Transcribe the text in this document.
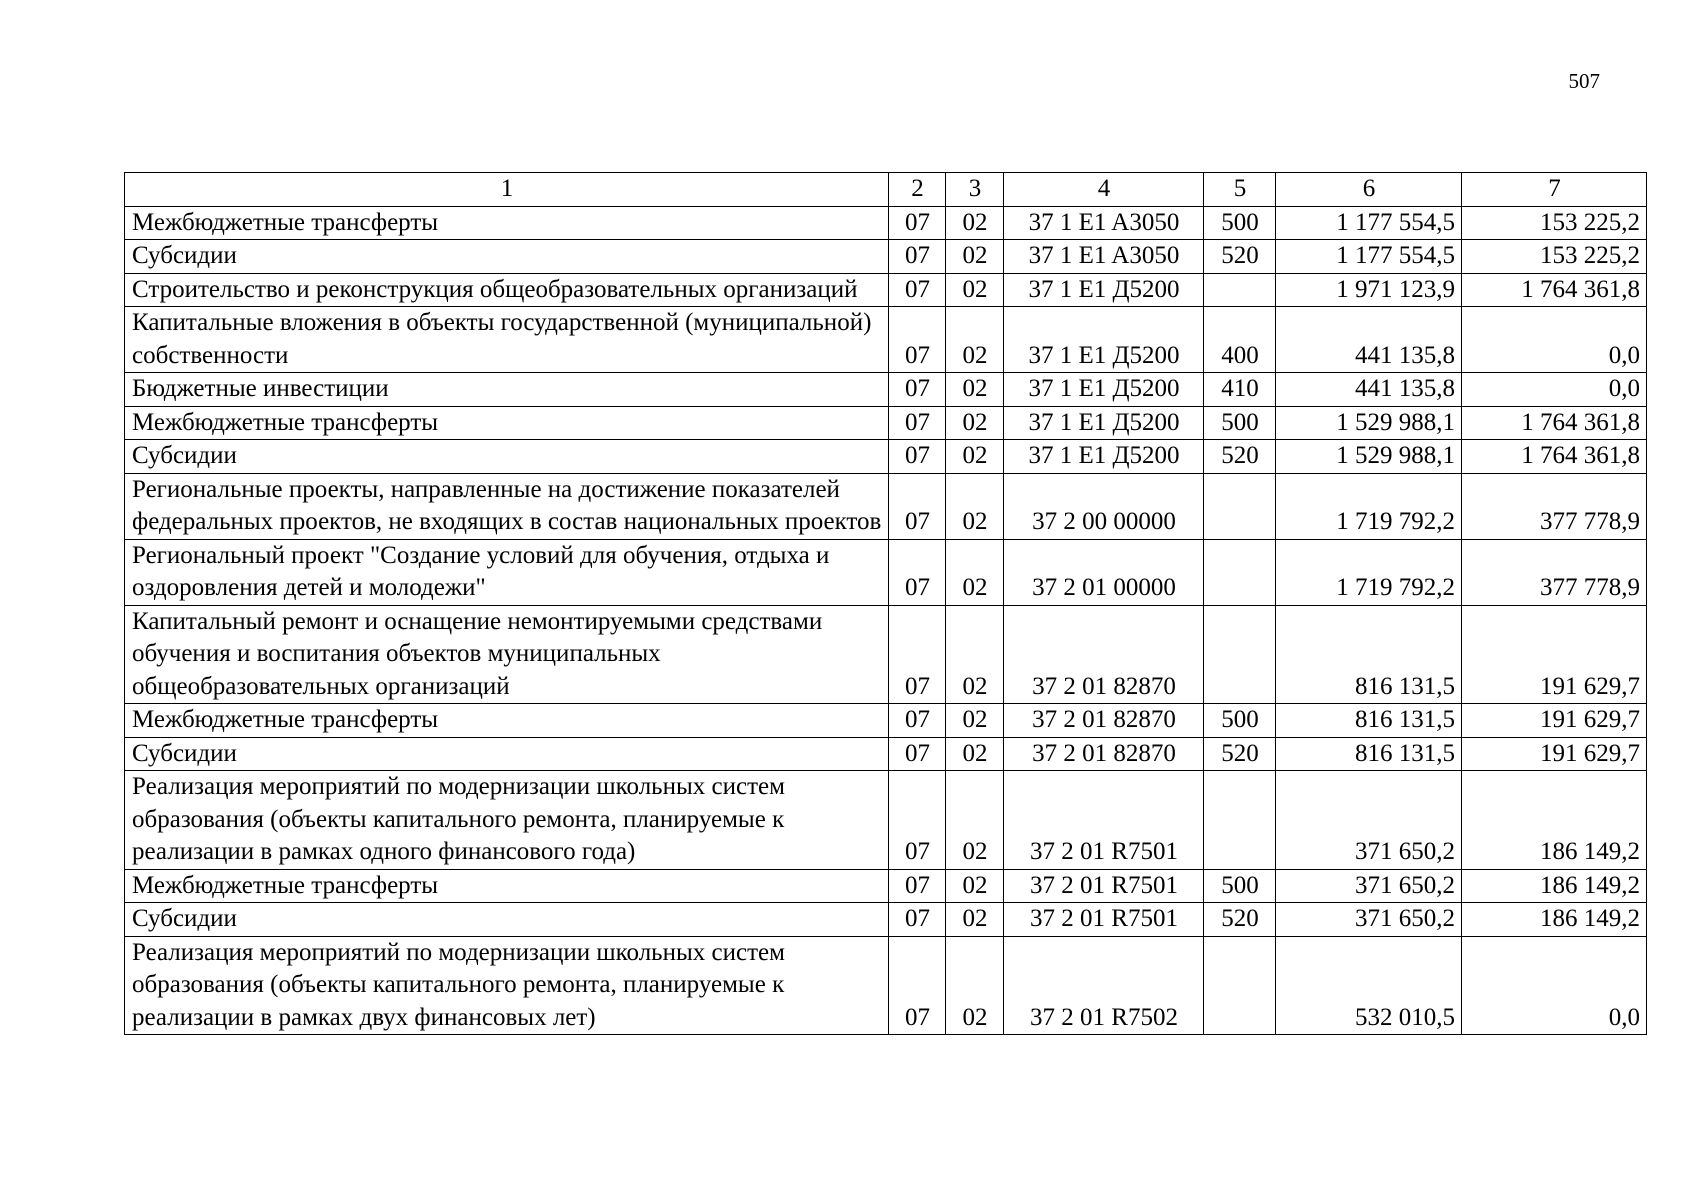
507
1	2	3	4	5	6	7
Межбюджетные трансферты	07	02	37 1 E1 A3050	500	1 177 554,5	153 225,2
Субсидии	07	02	37 1 E1 A3050	520	1 177 554,5	153 225,2
Строительство и реконструкция общеобразовательных организаций	07	02	37 1 E1 Д5200		1 971 123,9	1 764 361,8
Капитальные вложения в объекты государственной (муниципальной) собственности	07	02	37 1 E1 Д5200	400	441 135,8	0,0
Бюджетные инвестиции	07	02	37 1 E1 Д5200	410	441 135,8	0,0
Межбюджетные трансферты	07	02	37 1 E1 Д5200	500	1 529 988,1	1 764 361,8
Субсидии	07	02	37 1 E1 Д5200	520	1 529 988,1	1 764 361,8
Региональные проекты, направленные на достижение показателей федеральных проектов, не входящих в состав национальных проектов	07	02	37 2 00 00000		1 719 792,2	377 778,9
Региональный проект "Создание условий для обучения, отдыха и оздоровления детей и молодежи"	07	02	37 2 01 00000		1 719 792,2	377 778,9
Капитальный ремонт и оснащение немонтируемыми средствами обучения и воспитания объектов муниципальных общеобразовательных организаций	07	02	37 2 01 82870		816 131,5	191 629,7
Межбюджетные трансферты	07	02	37 2 01 82870	500	816 131,5	191 629,7
Субсидии	07	02	37 2 01 82870	520	816 131,5	191 629,7
Реализация мероприятий по модернизации школьных систем образования (объекты капитального ремонта, планируемые к реализации в рамках одного финансового года)	07	02	37 2 01 R7501		371 650,2	186 149,2
Межбюджетные трансферты	07	02	37 2 01 R7501	500	371 650,2	186 149,2
Субсидии	07	02	37 2 01 R7501	520	371 650,2	186 149,2
Реализация мероприятий по модернизации школьных систем образования (объекты капитального ремонта, планируемые к реализации в рамках двух финансовых лет)	07	02	37 2 01 R7502		532 010,5	0,0
